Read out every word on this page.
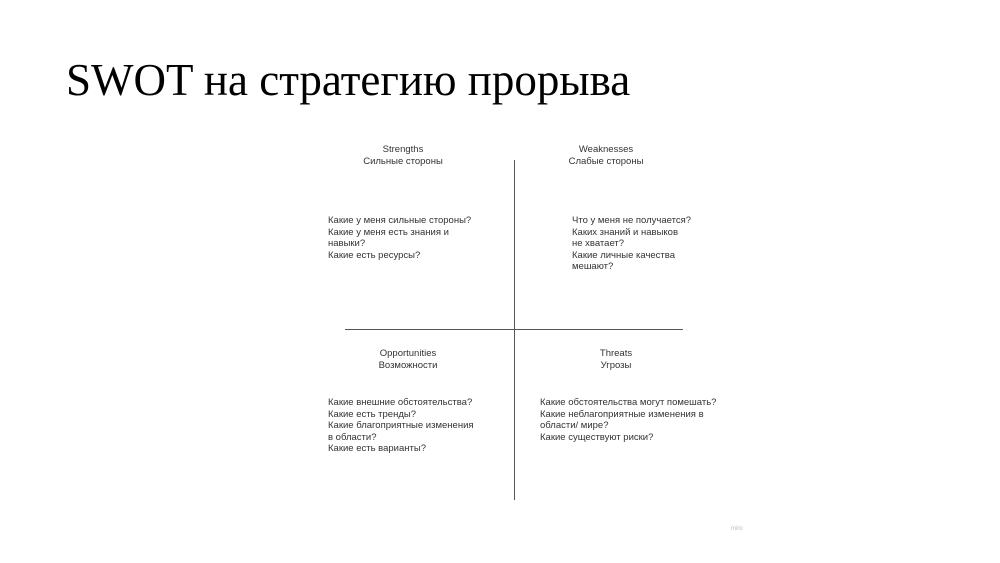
SWOT на стратегию прорыва
Strengths
Сильные стороны
Какие у меня сильные стороны?
Какие у меня есть знания и
навыки?
Какие есть ресурсы?
Weaknesses
Слабые стороны
Что у меня не получается?
Каких знаний и навыков
не хватает?
Какие личные качества
мешают?
Opportunities
Возможности
Какие внешние обстоятельства?
Какие есть тренды?
Какие благоприятные изменения
в области?
Какие есть варианты?
Threats
Угрозы
Какие обстоятельства могут помешать?
Какие неблагоприятные изменения в
области/ мире?
Какие существуют риски?
miro
